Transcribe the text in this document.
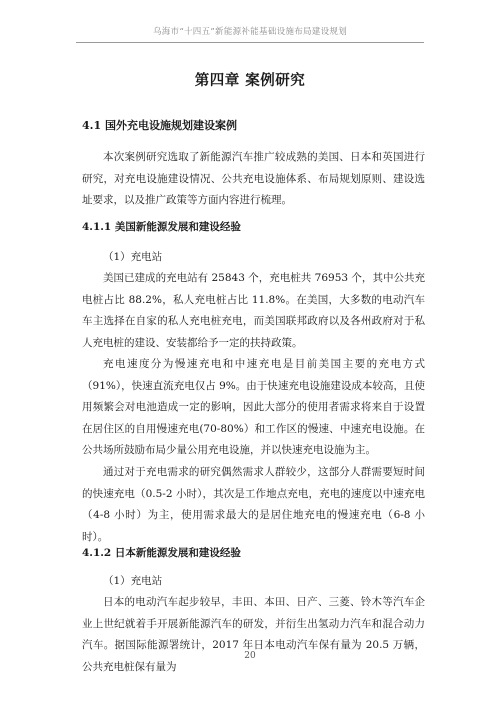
乌海市“十四五”新能源补能基础设施布局建设规划
第四章 案例研究
4.1 国外充电设施规划建设案例

本次案例研究选取了新能源汽车推广较成熟的美国、日本和英国进行研究，对充电设施建设情况、公共充电设施体系、布局规划原则、建设选址要求，以及推广政策等方面内容进行梳理。

4.1.1 美国新能源发展和建设经验
（1）充电站

美国已建成的充电站有 25843 个，充电桩共 76953 个，其中公共充电桩占比 88.2%，私人充电桩占比 11.8%。在美国，大多数的电动汽车车主选择在自家的私人充电桩充电，而美国联邦政府以及各州政府对于私人充电桩的建设、安装都给予一定的扶持政策。

充电速度分为慢速充电和中速充电是目前美国主要的充电方式（91%），快速直流充电仅占 9%。由于快速充电设施建设成本较高，且使用频繁会对电池造成一定的影响，因此大部分的使用者需求将来自于设置在居住区的自用慢速充电(70-80%）和工作区的慢速、中速充电设施。在公共场所鼓励布局少量公用充电设施，并以快速充电设施为主。

通过对于充电需求的研究偶然需求人群较少，这部分人群需要短时间的快速充电（0.5-2 小时），其次是工作地点充电，充电的速度以中速充电（4-8 小时）为主，使用需求最大的是居住地充电的慢速充电（6-8 小时）。

4.1.2 日本新能源发展和建设经验
（1）充电站

日本的电动汽车起步较早，丰田、本田、日产、三菱、铃木等汽车企业上世纪就着手开展新能源汽车的研发，并衍生出氢动力汽车和混合动力汽车。据国际能源署统计，2017 年日本电动汽车保有量为 20.5 万辆，公共充电桩保有量为

20
